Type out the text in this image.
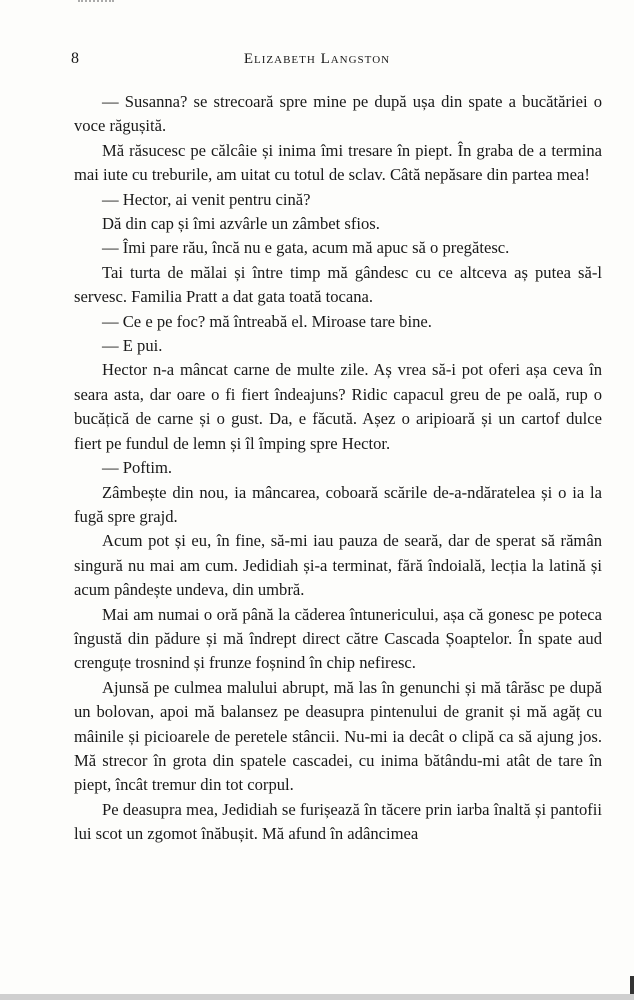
8	Elizabeth Langston

— Susanna? se strecoară spre mine pe după ușa din spate a bucătăriei o voce răgușită.

Mă răsucesc pe călcâie și inima îmi tresare în piept. În graba de a termina mai iute cu treburile, am uitat cu totul de sclav. Câtă nepăsare din partea mea!

— Hector, ai venit pentru cină?

Dă din cap și îmi azvârle un zâmbet sfios.

— Îmi pare rău, încă nu e gata, acum mă apuc să o pregătesc.

Tai turta de mălai și între timp mă gândesc cu ce altceva aș putea să-l servesc. Familia Pratt a dat gata toată tocana.

— Ce e pe foc? mă întreabă el. Miroase tare bine.

— E pui.

Hector n-a mâncat carne de multe zile. Aș vrea să-i pot oferi așa ceva în seara asta, dar oare o fi fiert îndeajuns? Ridic capacul greu de pe oală, rup o bucățică de carne și o gust. Da, e făcută. Așez o aripioară și un cartof dulce fiert pe fundul de lemn și îl împing spre Hector.

— Poftim.

Zâmbește din nou, ia mâncarea, coboară scările de-a-ndăratelea și o ia la fugă spre grajd.

Acum pot și eu, în fine, să-mi iau pauza de seară, dar de sperat să rămân singură nu mai am cum. Jedidiah și-a terminat, fără îndoială, lecția la latină și acum pândește undeva, din umbră.

Mai am numai o oră până la căderea întunericului, așa că gonesc pe poteca îngustă din pădure și mă îndrept direct către Cascada Șoaptelor. În spate aud crenguțe trosnind și frunze foșnind în chip nefiresc.

Ajunsă pe culmea malului abrupt, mă las în genunchi și mă târăsc pe după un bolovan, apoi mă balansez pe deasupra pintenului de granit și mă agăț cu mâinile și picioarele de peretele stâncii. Nu-mi ia decât o clipă ca să ajung jos. Mă strecor în grota din spatele cascadei, cu inima bătându-mi atât de tare în piept, încât tremur din tot corpul.

Pe deasupra mea, Jedidiah se furișează în tăcere prin iarba înaltă și pantofii lui scot un zgomot înăbușit. Mă afund în adâncimea
